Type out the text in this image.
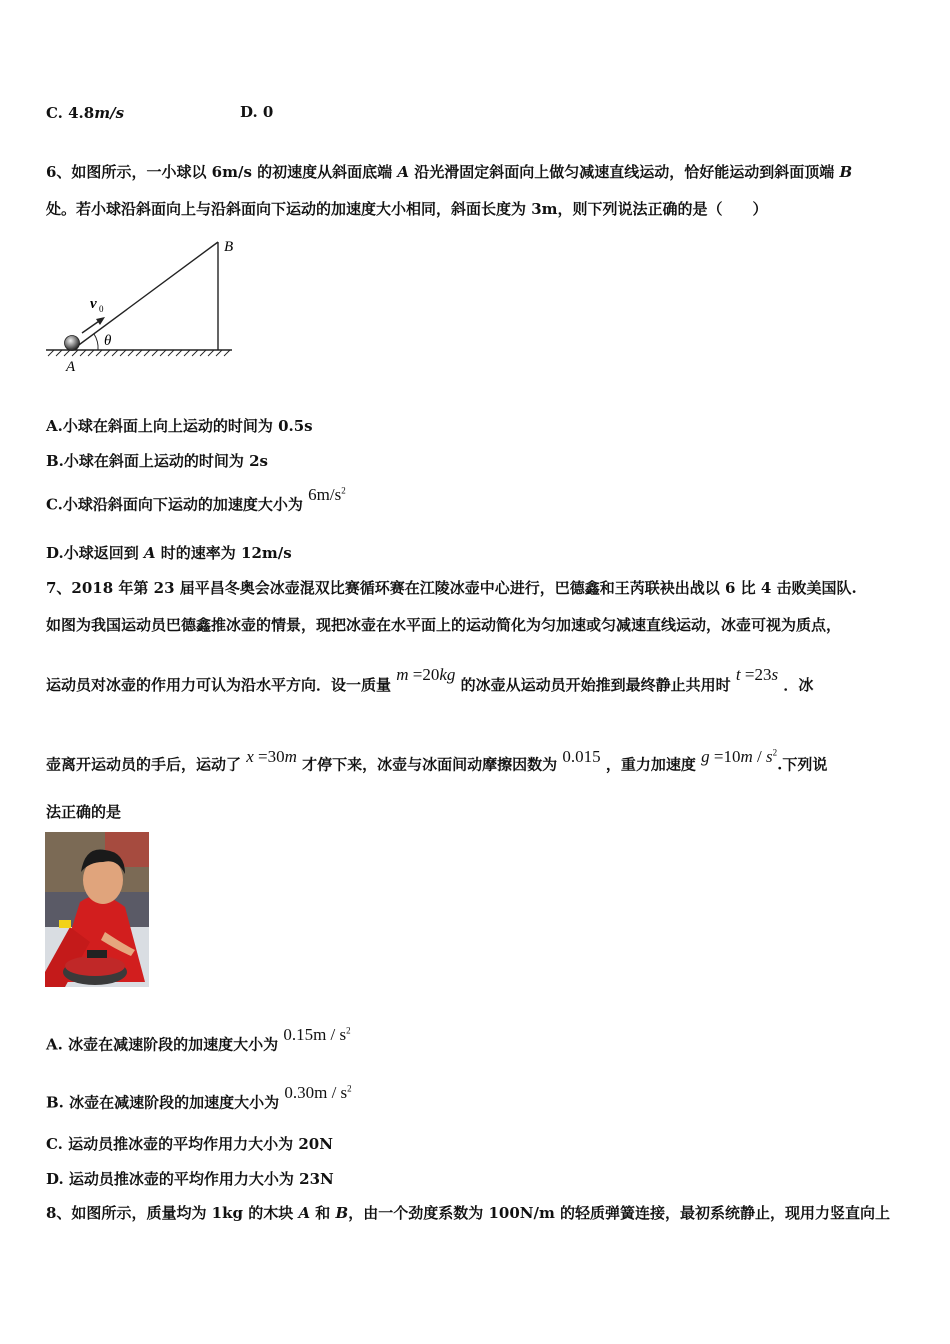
C. 4.8m/s	D. 0
6、如图所示，一小球以 6m/s 的初速度从斜面底端 A 沿光滑固定斜面向上做匀减速直线运动，恰好能运动到斜面顶端 B
处。若小球沿斜面向上与沿斜面向下运动的加速度大小相同，斜面长度为 3m，则下列说法正确的是（　　）
B
A
v 0
θ
A.小球在斜面上向上运动的时间为 0.5s
B.小球在斜面上运动的时间为 2s
C.小球沿斜面向下运动的加速度大小为 $6m/s^2$
D.小球返回到 A 时的速率为 12m/s
7、2018 年第 23 届平昌冬奥会冰壶混双比赛循环赛在江陵冰壶中心进行，巴德鑫和王芮联袂出战以 6 比 4 击败美国队.
如图为我国运动员巴德鑫推冰壶的情景，现把冰壶在水平面上的运动简化为匀加速或匀减速直线运动，冰壶可视为质点，
运动员对冰壶的作用力可认为沿水平方向．设一质量 m =20kg 的冰壶从运动员开始推到最终静止共用时 t =23s ．冰
壶离开运动员的手后，运动了 x =30m 才停下来，冰壶与冰面间动摩擦因数为 0.015 ，重力加速度 $g =10m / s^2$.下列说
法正确的是
A. 冰壶在减速阶段的加速度大小为 $0.15m / s^2$
B. 冰壶在减速阶段的加速度大小为 $0.30m / s^2$
C. 运动员推冰壶的平均作用力大小为 20N
D. 运动员推冰壶的平均作用力大小为 23N
8、如图所示，质量均为 1kg 的木块 A 和 B，由一个劲度系数为 100N/m 的轻质弹簧连接，最初系统静止，现用力竖直向上
